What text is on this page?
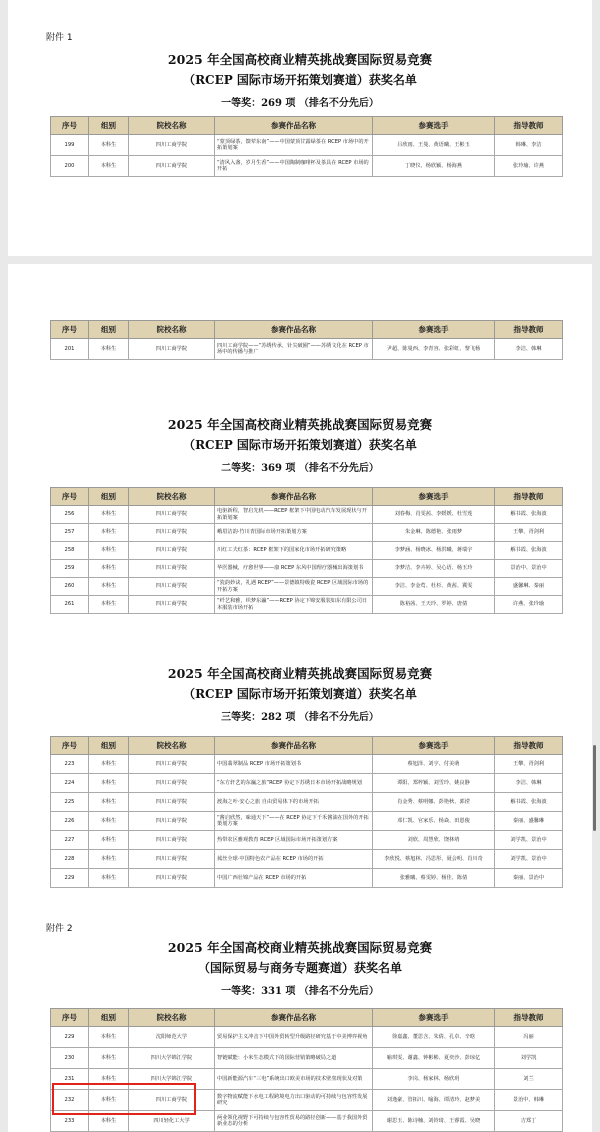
附件 1
2025 年全国高校商业精英挑战赛国际贸易竞赛
（RCEP 国际市场开拓策划赛道）获奖名单
一等奖：269 项 （排名不分先后）
序号	组别	院校名称	参赛作品名称	参赛选手	指导教师
199	本科生	四川工商学院	“蒙顶绿茶，馈荤东南”——中国蒙顶甘露绿茶在 RCEP 市场中的开拓策划案	吕欣雨、王曼、黄语曦、王彬玉	韩琳、李洁
200	本科生	四川工商学院	“清风入盏，岁月生香”——中国陶制咖啡杯及茶具在 RCEP 市场的开拓	丁晓仪、杨欣颖、杨海燕	张玲瑜、许燕
序号	组别	院校名称	参赛作品名称	参赛选手	指导教师
201	本科生	四川工商学院	四川工商学院——“苏绣传承，针尖破圈”——苏绣文化在 RCEP 市场中的传播与推广	尹超、陈曼西、李青容、张彩虹、黎飞杨	李洁、韩琳
2025 年全国高校商业精英挑战赛国际贸易竞赛
（RCEP 国际市场开拓策划赛道）获奖名单
二等奖：369 项 （排名不分先后）
序号	组别	院校名称	参赛作品名称	参赛选手	指导教师
256	本科生	四川工商学院	电驱新程，智启先机——RCEP 框架下中国电动汽车发展现状与开拓策划案	刘春梅、肖雯茜、李媛媛、杜雪莲	解书霞、张海波
257	本科生	四川工商学院	峨眉洁韵·竹川青国际市场开拓策划方案	朱金琳、陈德艳、张雨梦	王攀、胥剑利
258	本科生	四川工商学院	川红工夫红茶：RCEP 框架下的国家化市场开拓研究策略	李梦涵、杨晓冰、杨洪曦、蒋瑞宇	解书霞、张海波
259	本科生	四川工商学院	华医器械，疗愈世界——康 RCEP 东风中国理疗器械出海策划书	李梦洁、李卉婷、吴心语、杨玉玲	景治中、景治中
260	本科生	四川工商学院	“瓷韵妙诀，礼遇 RCEP”——景德镇特级瓷 RCEP 区域国际市场的开拓方案	李洁、李金莺、杜杉、黄茜、冀雯	盛馨琳、秦丽
261	本科生	四川工商学院	“纤艺和雅，织梦东瀛”——RCEP 协定下锦安服装如东有限公司日本服装市场开拓	陈裕茜、王天玲、罗婷、唐倩	许燕、张玲瑜
2025 年全国高校商业精英挑战赛国际贸易竞赛
（RCEP 国际市场开拓策划赛道）获奖名单
三等奖：282 项 （排名不分先后）
序号	组别	院校名称	参赛作品名称	参赛选手	指导教师
223	本科生	四川工商学院	中国翡翠制品 RCEP 市场开拓策划书	蔡旭泽、刘宇、付美萌	王攀、胥剑利
224	本科生	四川工商学院	“东方轩艺的东瀛之旅”RCEP 协定下苏绣日本市场开拓战略规划	谭阳、郑梓颖、刘雪玲、姚良静	李洁、韩琳
225	本科生	四川工商学院	渡海之叶·安心之旅 自由贸易体下的市场开拓	肖金秀、蔡明娜、彭艳秋、郭滢	解书霞、张海波
226	本科生	四川工商学院	“酱启欣然，味通天下”——在 RCEP 协定下千禾酱油在国外的开拓策划方案	邓仁凯、官家乐、杨焱、田恩俊	秦丽、盛馨琳
227	本科生	四川工商学院	热带农区雅观教育 RCEP 区域国际市场开拓策划方案	刘欣、周慧欣、饶林靖	刘学凯、景治中
228	本科生	四川工商学院	菰丝全球·中国特色农产品在 RCEP 市场的开拓	李欣悦、蔡旭林、冯思彤、聂会明、肖川奇	刘学凯、景治中
229	本科生	四川工商学院	中国广西壮锦产品在 RCEP 市场的开拓	张雅曦、蔡雯婷、杨佳、陈倩	秦丽、景治中
附件 2
2025 年全国高校商业精英挑战赛国际贸易竞赛
（国际贸易与商务专题赛道）获奖名单
一等奖：331 项 （排名不分先后）
序号	组别	院校名称	参赛作品名称	参赛选手	指导教师
229	本科生	沈阳师范大学	贸易保护主义冲击下中国外贸转型升级路径研究基于中美博弈视角	徐嘉鑫、董思含、朱倩、孔卓、辛晗	冯丽
230	本科生	四川大学锦江学院	智链赋能：小米生态模式下的国际营销策略破局之道	喻琪雯、谢鑫、钟彬彬、夏奕沙、彭琼亿	刘学凯
231	本科生	四川大学锦江学院	中国新能源汽车“三电”系统出口欧美市场的技术壁垒现状及对策	李岗、杨家林、杨欣玥	刘兰
232	本科生	四川工商学院	数字物流赋能下水电工程跨境电力出口驱动的可持续与包容性发展研究	刘逸豪、管拓川、喻海、谭清玲、赵梦美	景治中、韩琳
233	本科生	四川轻化工大学	两业领化视野下可持续与包容性贸易的路径创新——基于我国外贸新业态的分析	谢思玉、陈诗楠、刘铃琦、王睿霞、吴晓	吉郑丁
